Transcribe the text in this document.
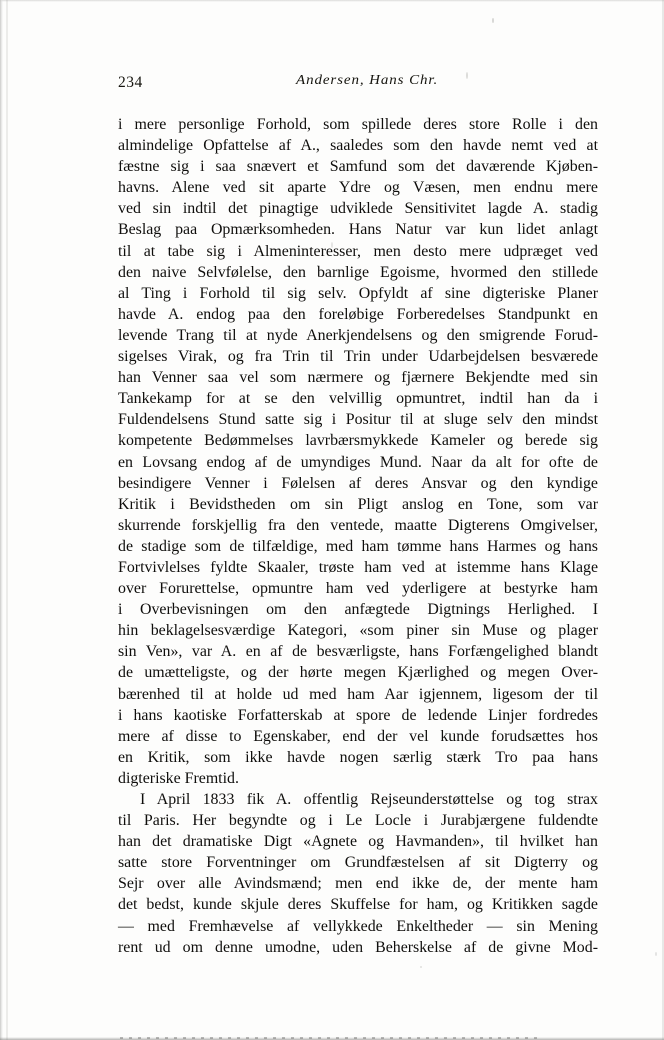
234	Andersen, Hans Chr.
i mere personlige Forhold, som spillede deres store Rolle i den
almindelige Opfattelse af A., saaledes som den havde nemt ved at
fæstne sig i saa snævert et Samfund som det daværende Kjøben-
havns. Alene ved sit aparte Ydre og Væsen, men endnu mere
ved sin indtil det pinagtige udviklede Sensitivitet lagde A. stadig
Beslag paa Opmærksomheden. Hans Natur var kun lidet anlagt
til at tabe sig i Almeninteresser, men desto mere udpræget ved
den naive Selvfølelse, den barnlige Egoisme, hvormed den stillede
al Ting i Forhold til sig selv. Opfyldt af sine digteriske Planer
havde A. endog paa den foreløbige Forberedelses Standpunkt en
levende Trang til at nyde Anerkjendelsens og den smigrende Forud-
sigelses Virak, og fra Trin til Trin under Udarbejdelsen besværede
han Venner saa vel som nærmere og fjærnere Bekjendte med sin
Tankekamp for at se den velvillig opmuntret, indtil han da i
Fuldendelsens Stund satte sig i Positur til at sluge selv den mindst
kompetente Bedømmelses lavrbærsmykkede Kameler og berede sig
en Lovsang endog af de umyndiges Mund. Naar da alt for ofte de
besindigere Venner i Følelsen af deres Ansvar og den kyndige
Kritik i Bevidstheden om sin Pligt anslog en Tone, som var
skurrende forskjellig fra den ventede, maatte Digterens Omgivelser,
de stadige som de tilfældige, med ham tømme hans Harmes og hans
Fortvivlelses fyldte Skaaler, trøste ham ved at istemme hans Klage
over Forurettelse, opmuntre ham ved yderligere at bestyrke ham
i Overbevisningen om den anfægtede Digtnings Herlighed. I
hin beklagelsesværdige Kategori, «som piner sin Muse og plager
sin Ven», var A. en af de besværligste, hans Forfængelighed blandt
de umætteligste, og der hørte megen Kjærlighed og megen Over-
bærenhed til at holde ud med ham Aar igjennem, ligesom der til
i hans kaotiske Forfatterskab at spore de ledende Linjer fordredes
mere af disse to Egenskaber, end der vel kunde forudsættes hos
en Kritik, som ikke havde nogen særlig stærk Tro paa hans
digteriske Fremtid.
I April 1833 fik A. offentlig Rejseunderstøttelse og tog strax
til Paris. Her begyndte og i Le Locle i Jurabjærgene fuldendte
han det dramatiske Digt «Agnete og Havmanden», til hvilket han
satte store Forventninger om Grundfæstelsen af sit Digterry og
Sejr over alle Avindsmænd; men end ikke de, der mente ham
det bedst, kunde skjule deres Skuffelse for ham, og Kritikken sagde
— med Fremhævelse af vellykkede Enkeltheder — sin Mening
rent ud om denne umodne, uden Beherskelse af de givne Mod-
